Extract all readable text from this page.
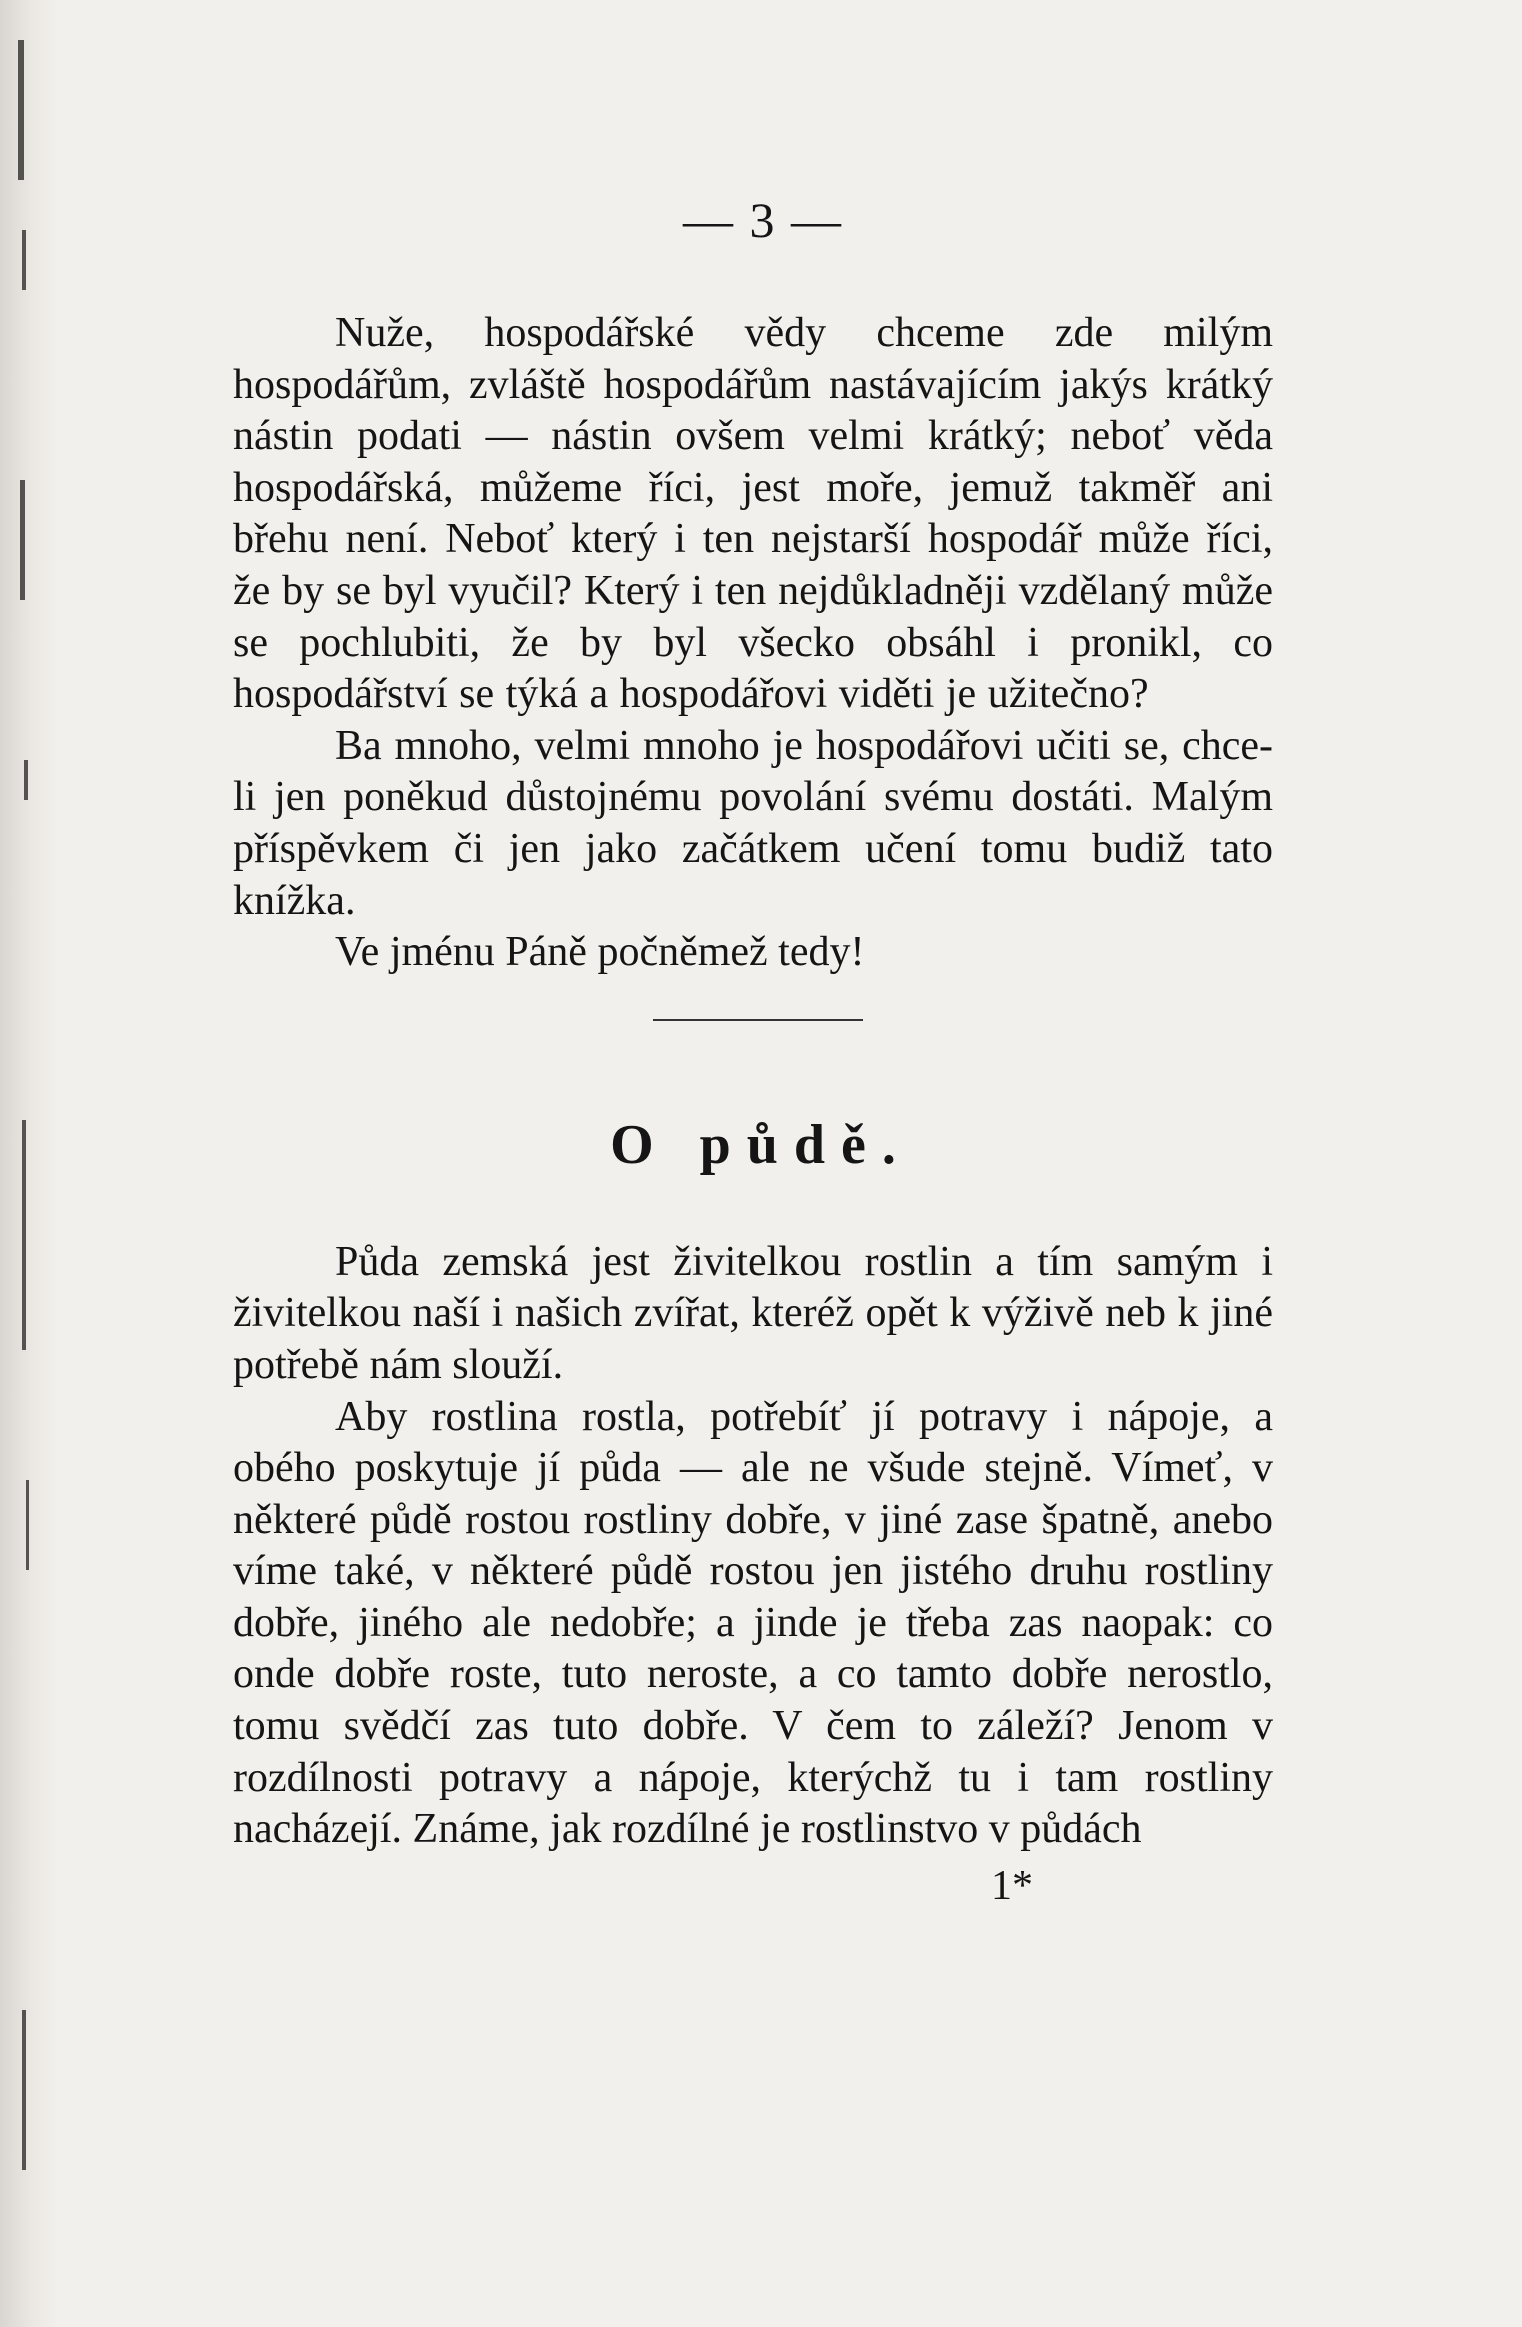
— 3 —

Nuže, hospodářské vědy chceme zde milým hospodářům, zvláště hospodářům nastávajícím jakýs krátký nástin podati — nástin ovšem velmi krátký; neboť věda hospodářská, můžeme říci, jest moře, jemuž takměř ani břehu není. Neboť který i ten nejstarší hospodář může říci, že by se byl vyučil? Který i ten nejdůkladněji vzdělaný může se pochlubiti, že by byl všecko obsáhl i pronikl, co hospodářství se týká a hospodářovi viděti je užitečno?

Ba mnoho, velmi mnoho je hospodářovi učiti se, chce-li jen poněkud důstojnému povolání svému dostáti. Malým příspěvkem či jen jako začátkem učení tomu budiž tato knížka.

Ve jménu Páně počněmež tedy!

O půdě.

Půda zemská jest živitelkou rostlin a tím samým i živitelkou naší i našich zvířat, kteréž opět k výživě neb k jiné potřebě nám slouží.

Aby rostlina rostla, potřebíť jí potravy i nápoje, a obého poskytuje jí půda — ale ne všude stejně. Vímeť, v některé půdě rostou rostliny dobře, v jiné zase špatně, anebo víme také, v některé půdě rostou jen jistého druhu rostliny dobře, jiného ale nedobře; a jinde je třeba zas naopak: co onde dobře roste, tuto neroste, a co tamto dobře nerostlo, tomu svědčí zas tuto dobře. V čem to záleží? Jenom v rozdílnosti potravy a nápoje, kterýchž tu i tam rostliny nacházejí. Známe, jak rozdílné je rostlinstvo v půdách

1*
